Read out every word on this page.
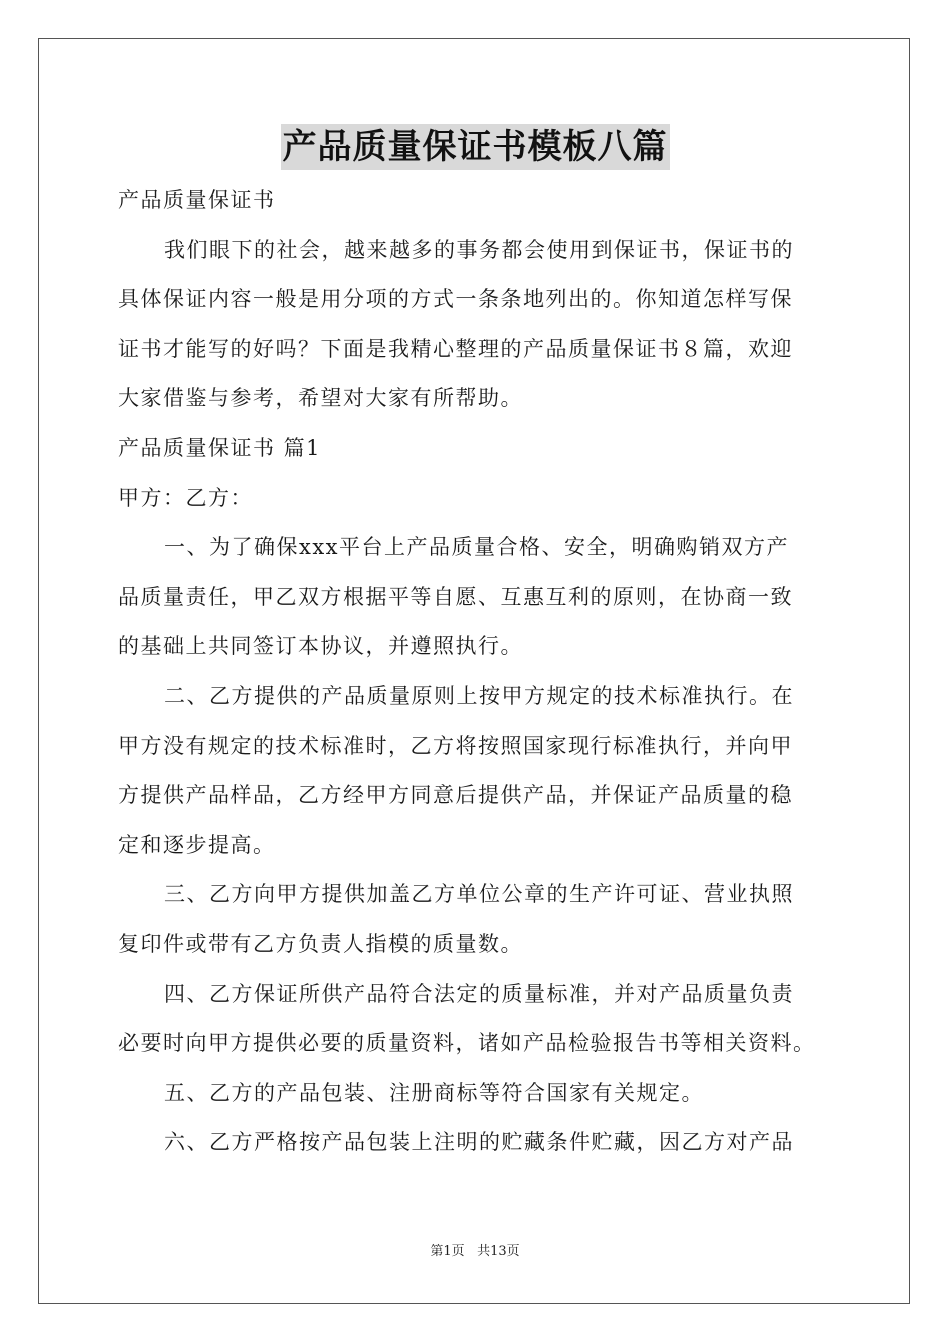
产品质量保证书模板八篇
产品质量保证书
我们眼下的社会，越来越多的事务都会使用到保证书，保证书的
具体保证内容一般是用分项的方式一条条地列出的。你知道怎样写保
证书才能写的好吗？下面是我精心整理的产品质量保证书８篇，欢迎
大家借鉴与参考，希望对大家有所帮助。
产品质量保证书 篇1
甲方：乙方：
一、为了确保xxx平台上产品质量合格、安全，明确购销双方产
品质量责任，甲乙双方根据平等自愿、互惠互利的原则，在协商一致
的基础上共同签订本协议，并遵照执行。
二、乙方提供的产品质量原则上按甲方规定的技术标准执行。在
甲方没有规定的技术标准时，乙方将按照国家现行标准执行，并向甲
方提供产品样品，乙方经甲方同意后提供产品，并保证产品质量的稳
定和逐步提高。
三、乙方向甲方提供加盖乙方单位公章的生产许可证、营业执照
复印件或带有乙方负责人指模的质量数。
四、乙方保证所供产品符合法定的质量标准，并对产品质量负责
必要时向甲方提供必要的质量资料，诸如产品检验报告书等相关资料。
五、乙方的产品包装、注册商标等符合国家有关规定。
六、乙方严格按产品包装上注明的贮藏条件贮藏，因乙方对产品
第1页 共13页
